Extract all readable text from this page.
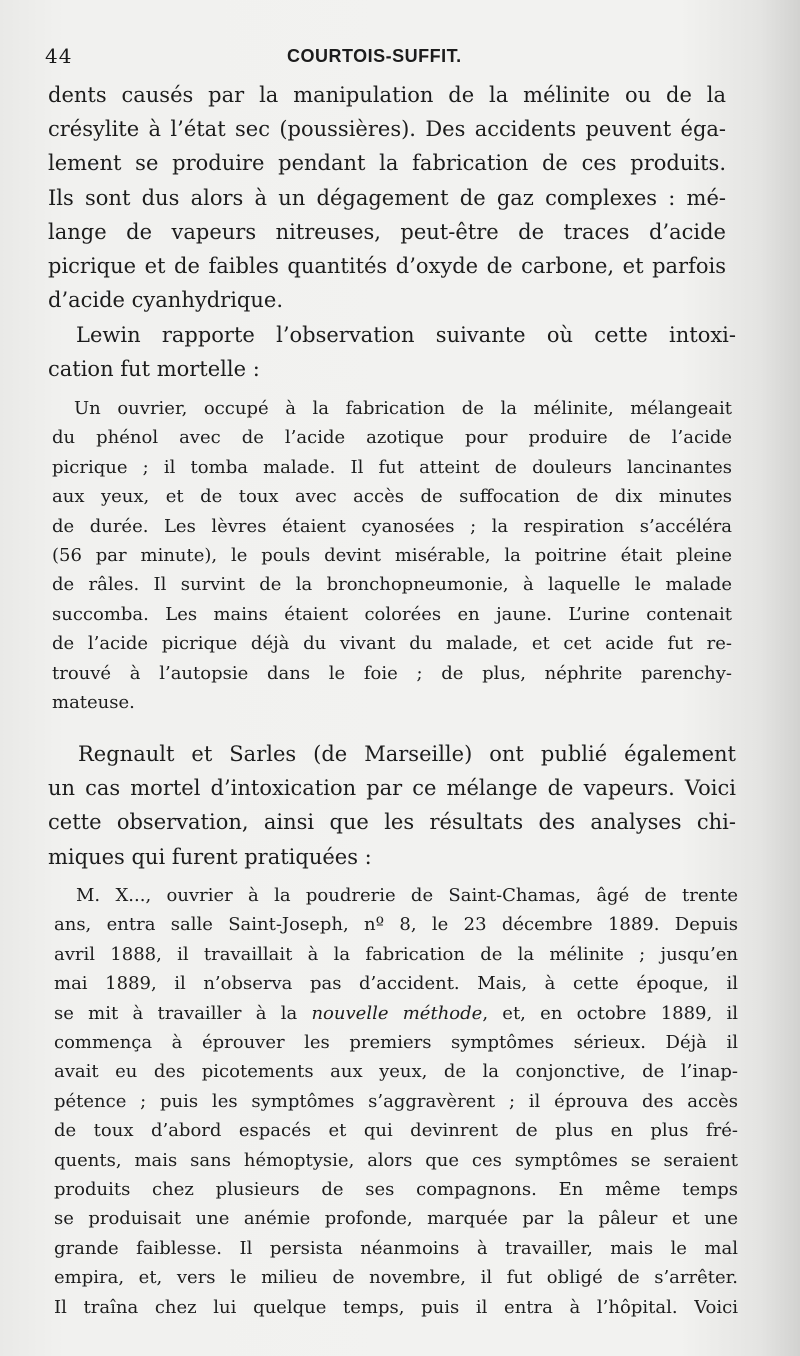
44	COURTOIS-SUFFIT.
dents causés par la manipulation de la mélinite ou de la
crésylite à l’état sec (poussières). Des accidents peuvent éga-
lement se produire pendant la fabrication de ces produits.
Ils sont dus alors à un dégagement de gaz complexes : mé-
lange de vapeurs nitreuses, peut-être de traces d’acide
picrique et de faibles quantités d’oxyde de carbone, et parfois
d’acide cyanhydrique.
Lewin rapporte l’observation suivante où cette intoxi-
cation fut mortelle :
Un ouvrier, occupé à la fabrication de la mélinite, mélangeait
du phénol avec de l’acide azotique pour produire de l’acide
picrique ; il tomba malade. Il fut atteint de douleurs lancinantes
aux yeux, et de toux avec accès de suffocation de dix minutes
de durée. Les lèvres étaient cyanosées ; la respiration s’accéléra
(56 par minute), le pouls devint misérable, la poitrine était pleine
de râles. Il survint de la bronchopneumonie, à laquelle le malade
succomba. Les mains étaient colorées en jaune. L’urine contenait
de l’acide picrique déjà du vivant du malade, et cet acide fut re-
trouvé à l’autopsie dans le foie ; de plus, néphrite parenchy-
mateuse.
Regnault et Sarles (de Marseille) ont publié également
un cas mortel d’intoxication par ce mélange de vapeurs. Voici
cette observation, ainsi que les résultats des analyses chi-
miques qui furent pratiquées :
M. X..., ouvrier à la poudrerie de Saint-Chamas, âgé de trente
ans, entra salle Saint-Joseph, nº 8, le 23 décembre 1889. Depuis
avril 1888, il travaillait à la fabrication de la mélinite ; jusqu’en
mai 1889, il n’observa pas d’accident. Mais, à cette époque, il
se mit à travailler à la nouvelle méthode, et, en octobre 1889, il
commença à éprouver les premiers symptômes sérieux. Déjà il
avait eu des picotements aux yeux, de la conjonctive, de l’inap-
pétence ; puis les symptômes s’aggravèrent ; il éprouva des accès
de toux d’abord espacés et qui devinrent de plus en plus fré-
quents, mais sans hémoptysie, alors que ces symptômes se seraient
produits chez plusieurs de ses compagnons. En même temps
se produisait une anémie profonde, marquée par la pâleur et une
grande faiblesse. Il persista néanmoins à travailler, mais le mal
empira, et, vers le milieu de novembre, il fut obligé de s’arrêter.
Il traîna chez lui quelque temps, puis il entra à l’hôpital. Voici
